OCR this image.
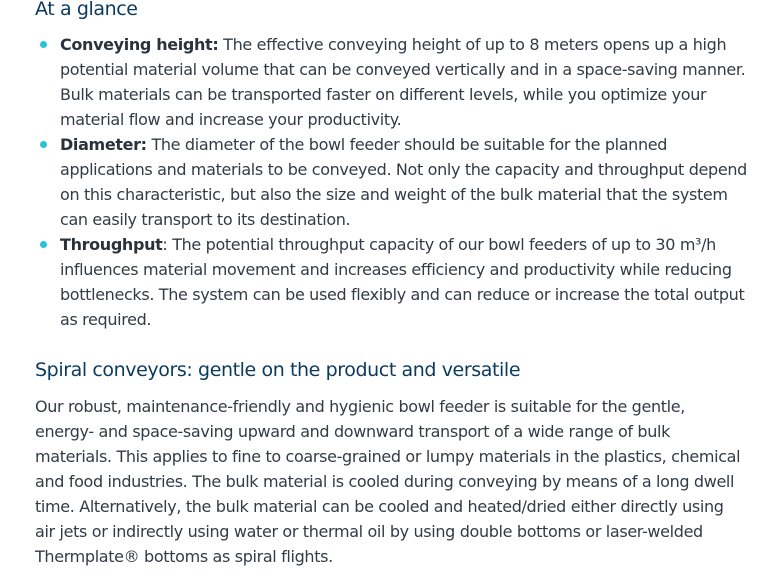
At a glance
Conveying height: The effective conveying height of up to 8 meters opens up a high potential material volume that can be conveyed vertically and in a space-saving manner. Bulk materials can be transported faster on different levels, while you optimize your material flow and increase your productivity.
Diameter: The diameter of the bowl feeder should be suitable for the planned applications and materials to be conveyed. Not only the capacity and throughput depend on this characteristic, but also the size and weight of the bulk material that the system can easily transport to its destination.
Throughput: The potential throughput capacity of our bowl feeders of up to 30 m³/h influences material movement and increases efficiency and productivity while reducing bottlenecks. The system can be used flexibly and can reduce or increase the total output as required.
Spiral conveyors: gentle on the product and versatile

Our robust, maintenance-friendly and hygienic bowl feeder is suitable for the gentle, energy- and space-saving upward and downward transport of a wide range of bulk materials. This applies to fine to coarse-grained or lumpy materials in the plastics, chemical and food industries. The bulk material is cooled during conveying by means of a long dwell time. Alternatively, the bulk material can be cooled and heated/dried either directly using air jets or indirectly using water or thermal oil by using double bottoms or laser-welded Thermplate® bottoms as spiral flights.
